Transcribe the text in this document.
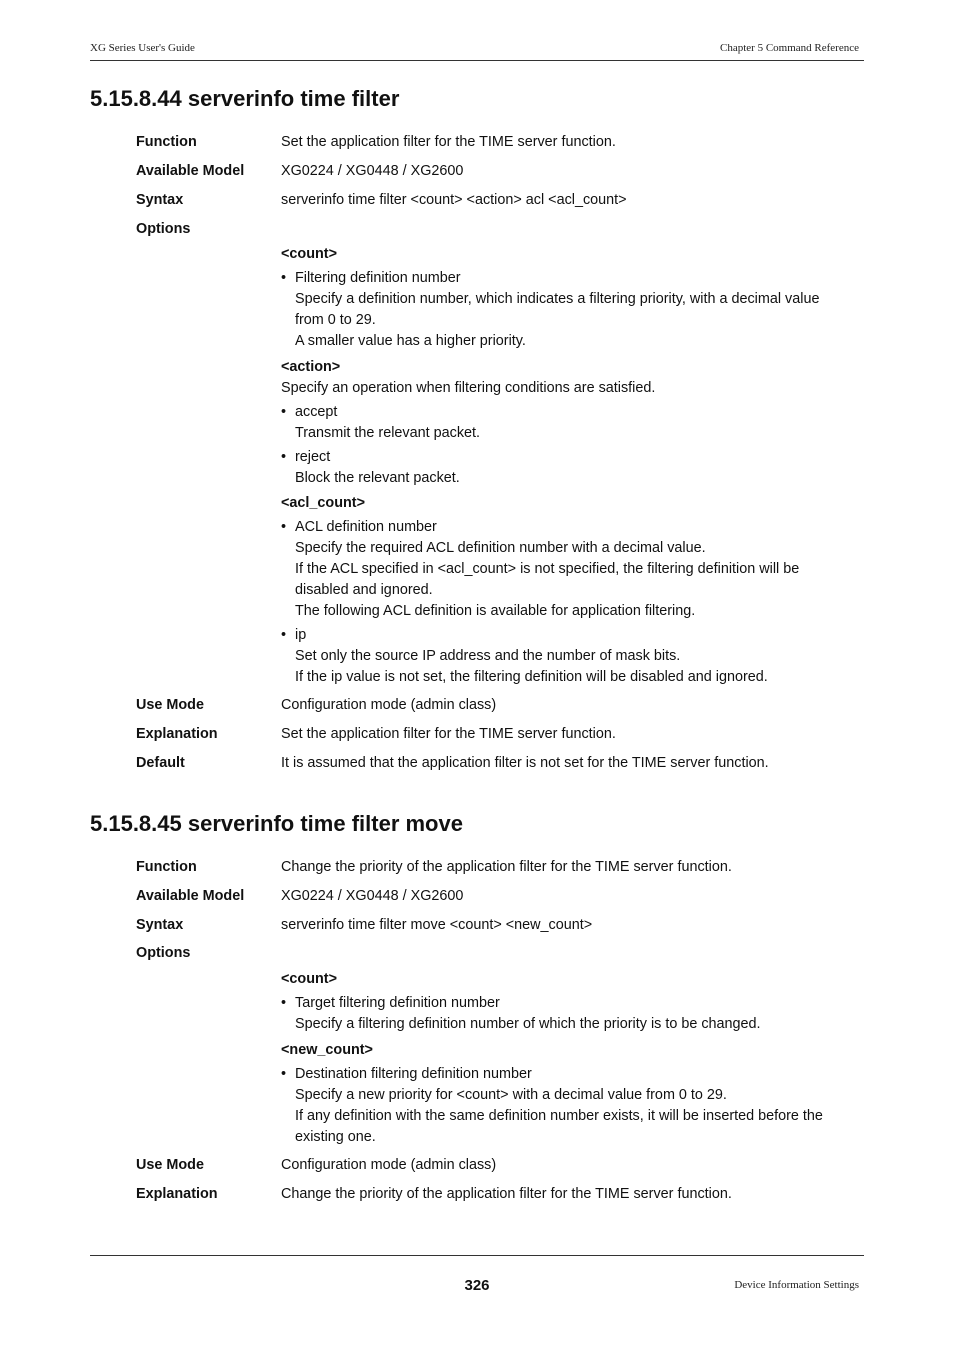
XG Series User's Guide	Chapter 5 Command Reference
5.15.8.44 serverinfo time filter
Function	Set the application filter for the TIME server function.
Available Model	XG0224 / XG0448 / XG2600
Syntax	serverinfo time filter <count> <action> acl <acl_count>
Options
<count>
• Filtering definition number
Specify a definition number, which indicates a filtering priority, with a decimal value
from 0 to 29.
A smaller value has a higher priority.
<action>
Specify an operation when filtering conditions are satisfied.
• accept
Transmit the relevant packet.
• reject
Block the relevant packet.
<acl_count>
• ACL definition number
Specify the required ACL definition number with a decimal value.
If the ACL specified in <acl_count> is not specified, the filtering definition will be
disabled and ignored.
The following ACL definition is available for application filtering.
• ip
Set only the source IP address and the number of mask bits.
If the ip value is not set, the filtering definition will be disabled and ignored.
Use Mode	Configuration mode (admin class)
Explanation	Set the application filter for the TIME server function.
Default	It is assumed that the application filter is not set for the TIME server function.
5.15.8.45 serverinfo time filter move
Function	Change the priority of the application filter for the TIME server function.
Available Model	XG0224 / XG0448 / XG2600
Syntax	serverinfo time filter move <count> <new_count>
Options
<count>
• Target filtering definition number
Specify a filtering definition number of which the priority is to be changed.
<new_count>
• Destination filtering definition number
Specify a new priority for <count> with a decimal value from 0 to 29.
If any definition with the same definition number exists, it will be inserted before the
existing one.
Use Mode	Configuration mode (admin class)
Explanation	Change the priority of the application filter for the TIME server function.
326	Device Information Settings
